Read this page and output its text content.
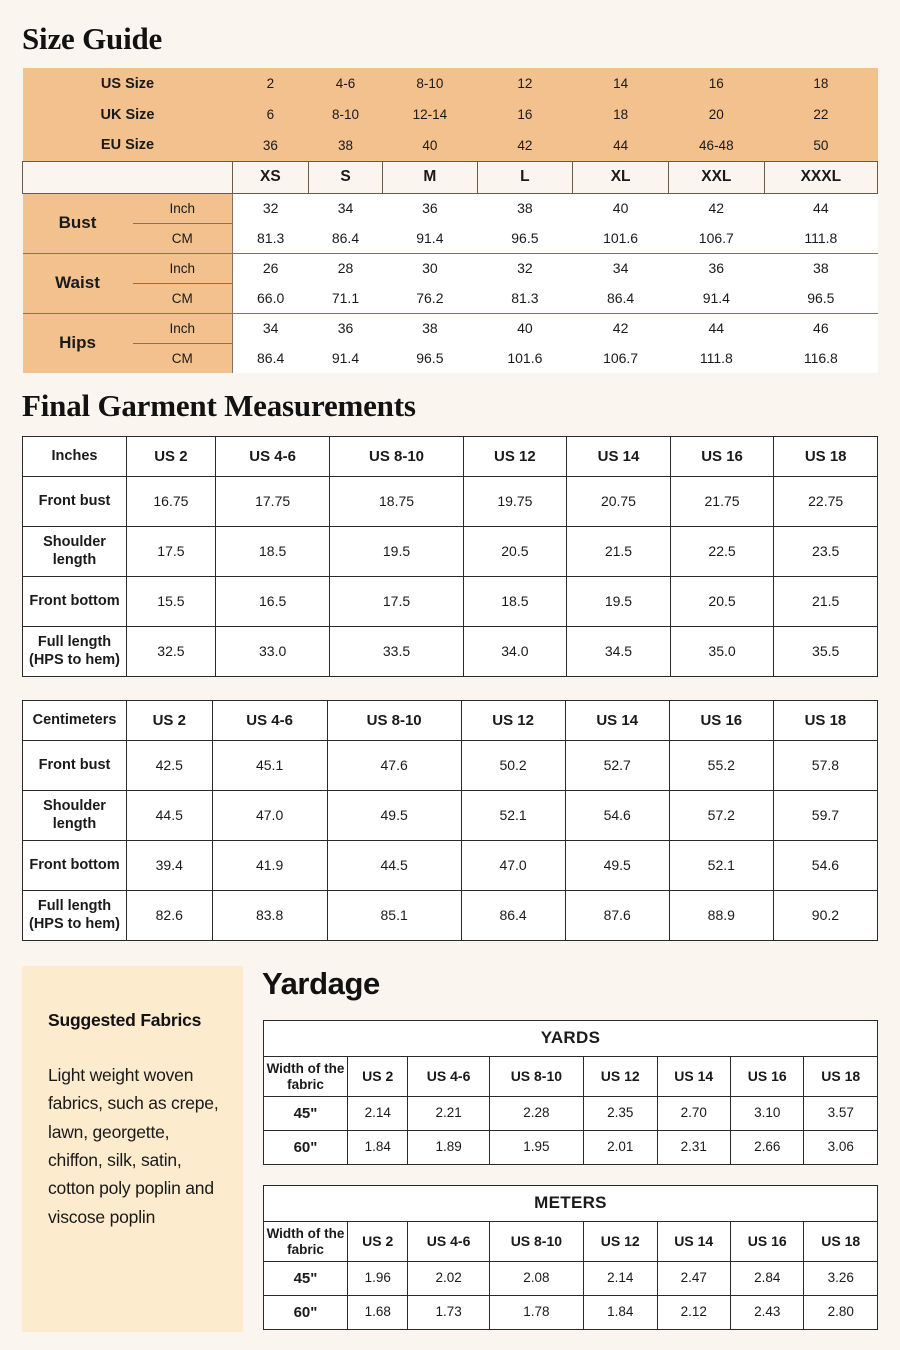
Size Guide
Final Garment Measurements
Yardage
US Size		2	4-6	8-10	12	14	16	18
UK Size		6	8-10	12-14	16	18	20	22
EU Size		36	38	40	42	44	46-48	50
		XS	S	M	L	XL	XXL	XXXL
Bust	Inch	32	34	36	38	40	42	44
	CM	81.3	86.4	91.4	96.5	101.6	106.7	111.8
Waist	Inch	26	28	30	32	34	36	38
	CM	66.0	71.1	76.2	81.3	86.4	91.4	96.5
Hips	Inch	34	36	38	40	42	44	46
	CM	86.4	91.4	96.5	101.6	106.7	111.8	116.8
Inches	US 2	US 4-6	US 8-10	US 12	US 14	US 16	US 18
Front bust	16.75	17.75	18.75	19.75	20.75	21.75	22.75
Shoulder length	17.5	18.5	19.5	20.5	21.5	22.5	23.5
Front bottom	15.5	16.5	17.5	18.5	19.5	20.5	21.5
Full length (HPS to hem)	32.5	33.0	33.5	34.0	34.5	35.0	35.5
Centimeters	US 2	US 4-6	US 8-10	US 12	US 14	US 16	US 18
Front bust	42.5	45.1	47.6	50.2	52.7	55.2	57.8
Shoulder length	44.5	47.0	49.5	52.1	54.6	57.2	59.7
Front bottom	39.4	41.9	44.5	47.0	49.5	52.1	54.6
Full length (HPS to hem)	82.6	83.8	85.1	86.4	87.6	88.9	90.2
Suggested Fabrics
Light weight woven fabrics, such as crepe, lawn, georgette, chiffon, silk, satin, cotton poly poplin and viscose poplin
YARDS							
Width of the fabric	US 2	US 4-6	US 8-10	US 12	US 14	US 16	US 18
45"	2.14	2.21	2.28	2.35	2.70	3.10	3.57
60"	1.84	1.89	1.95	2.01	2.31	2.66	3.06
METERS							
Width of the fabric	US 2	US 4-6	US 8-10	US 12	US 14	US 16	US 18
45"	1.96	2.02	2.08	2.14	2.47	2.84	3.26
60"	1.68	1.73	1.78	1.84	2.12	2.43	2.80
